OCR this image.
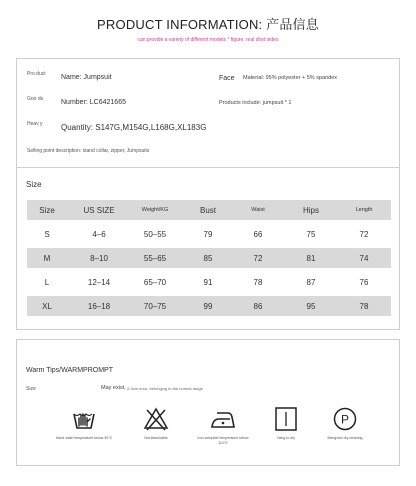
PRODUCT INFORMATION: 产品信息
can provide a variety of different models * figure, real shot video
Pro duct	Name: Jumpsuit	Face Material: 95% polyester + 5% spandex
Goo ds	Number: LC6421665	Products include: jumpsuit * 1
Heav y	Quantity: S147G,M154G,L168G,XL183G
Selling point description: stand collar, zipper, Jumpsuits
Size
Size	US SIZE	Weight/KG	Bust	Waist	Hips	Length
S	4–6	50–55	79	66	75	72
M	8–10	55–65	85	72	81	74
L	12–14	65–70	91	78	87	76
XL	16–18	70–75	99	86	95	78
Warm Tips/WARMPROMPT
Size	May exist, 2-3cm error, belonging to the normal range
Hand wash temperature below 30℃	Not bleachable	Iron soleplate temperature below 110℃
Hang to dry
P
Mengxian dry cleaning
